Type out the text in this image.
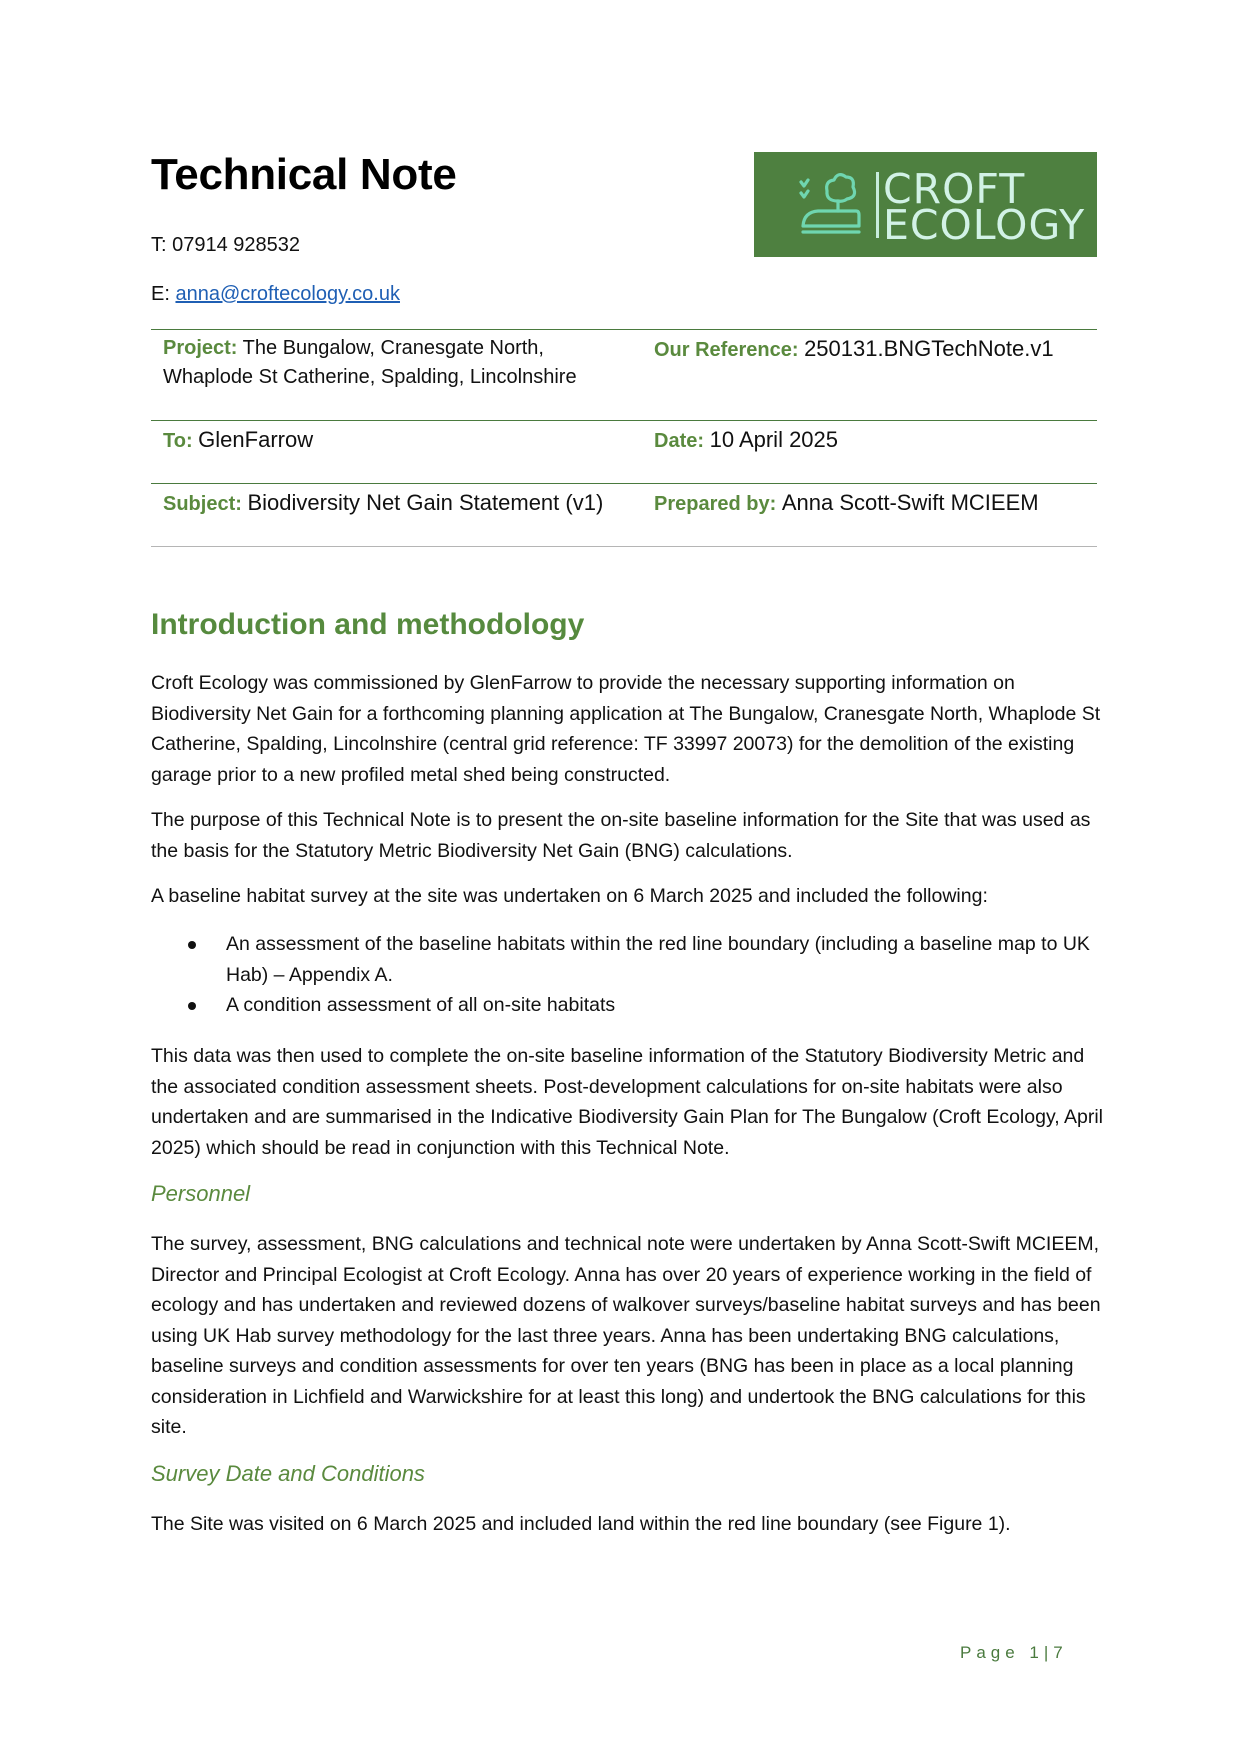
Technical Note
T: 07914 928532
E: anna@croftecology.co.uk
CROFT
ECOLOGY
Project: The Bungalow, Cranesgate North,
Whaplode St Catherine, Spalding, Lincolnshire
Our Reference: 250131.BNGTechNote.v1
To: GlenFarrow	Date: 10 April 2025
Subject: Biodiversity Net Gain Statement (v1)	Prepared by: Anna Scott-Swift MCIEEM
Introduction and methodology

Croft Ecology was commissioned by GlenFarrow to provide the necessary supporting information on Biodiversity Net Gain for a forthcoming planning application at The Bungalow, Cranesgate North, Whaplode St Catherine, Spalding, Lincolnshire (central grid reference: TF 33997 20073) for the demolition of the existing garage prior to a new profiled metal shed being constructed.

The purpose of this Technical Note is to present the on-site baseline information for the Site that was used as the basis for the Statutory Metric Biodiversity Net Gain (BNG) calculations.

A baseline habitat survey at the site was undertaken on 6 March 2025 and included the following:

An assessment of the baseline habitats within the red line boundary (including a baseline map to UK Hab) – Appendix A.
A condition assessment of all on-site habitats

This data was then used to complete the on-site baseline information of the Statutory Biodiversity Metric and the associated condition assessment sheets. Post-development calculations for on-site habitats were also undertaken and are summarised in the Indicative Biodiversity Gain Plan for The Bungalow (Croft Ecology, April 2025) which should be read in conjunction with this Technical Note.

Personnel

The survey, assessment, BNG calculations and technical note were undertaken by Anna Scott-Swift MCIEEM, Director and Principal Ecologist at Croft Ecology. Anna has over 20 years of experience working in the field of ecology and has undertaken and reviewed dozens of walkover surveys/baseline habitat surveys and has been using UK Hab survey methodology for the last three years. Anna has been undertaking BNG calculations, baseline surveys and condition assessments for over ten years (BNG has been in place as a local planning consideration in Lichfield and Warwickshire for at least this long) and undertook the BNG calculations for this site.

Survey Date and Conditions

The Site was visited on 6 March 2025 and included land within the red line boundary (see Figure 1).

Page 1|7
